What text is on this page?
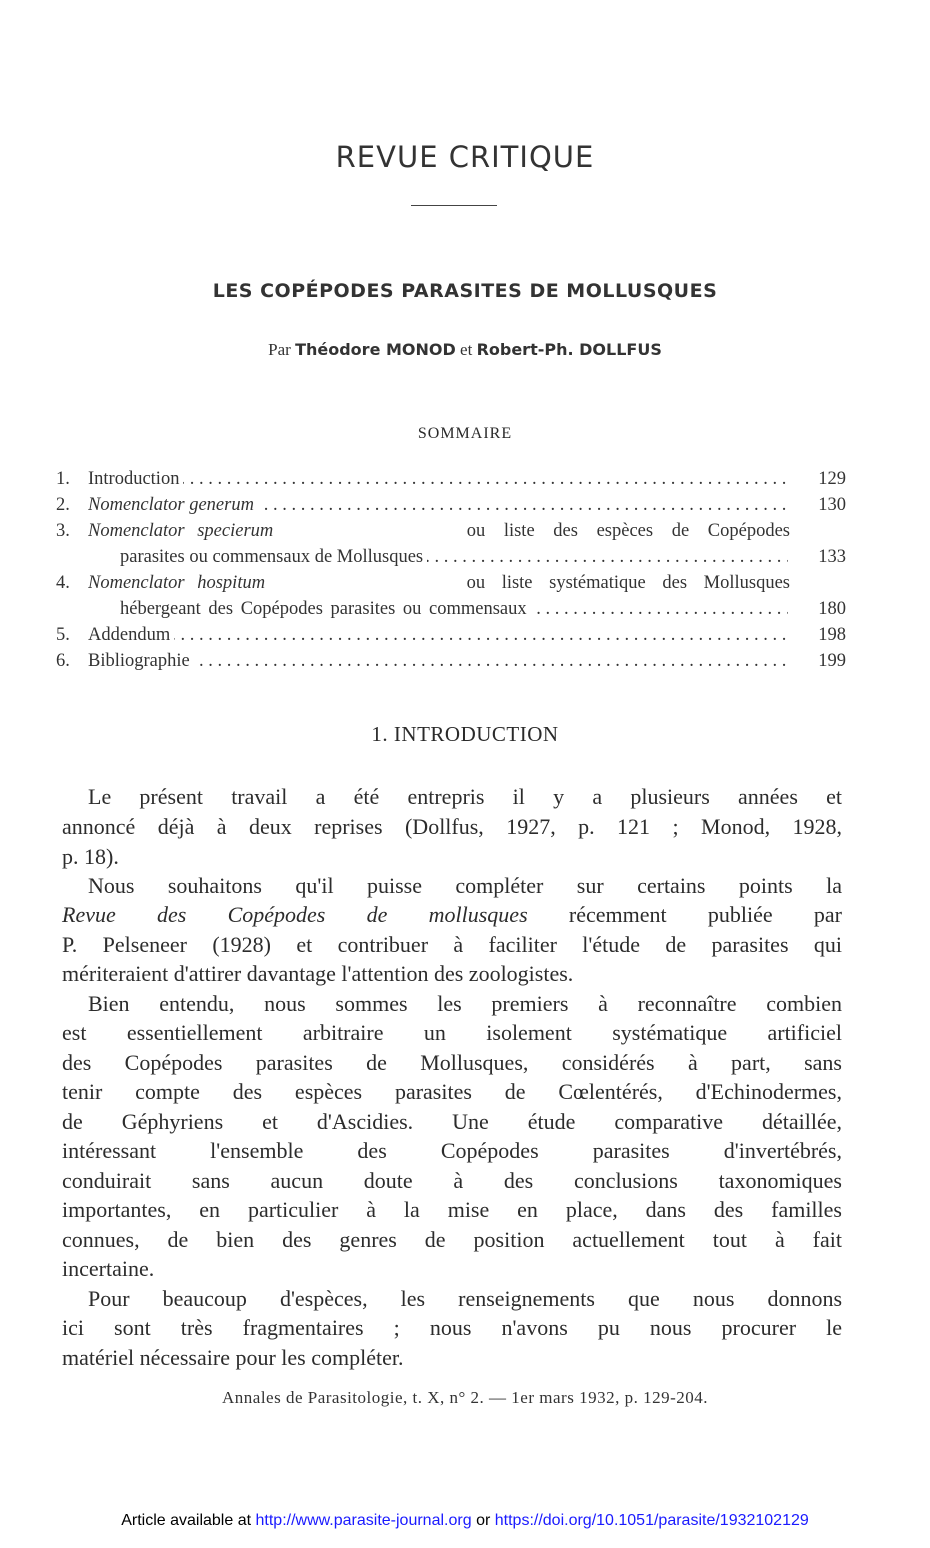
REVUE CRITIQUE
LES COPÉPODES PARASITES DE MOLLUSQUES
Par Théodore MONOD et Robert-Ph. DOLLFUS
SOMMAIRE
1. Introduction . . .	129
2. Nomenclator generum . . .	130
3. Nomenclator specierum	ou liste des espèces de Copépodes
parasites ou commensaux de Mollusques . . .	133
4. Nomenclator hospitum	ou liste systématique des Mollusques
hébergeant des Copépodes parasites ou commensaux . . .	180
5. Addendum . . .	198
6. Bibliographie . . .	199
1. INTRODUCTION
Le présent travail a été entrepris il y a plusieurs années et
annoncé déjà à deux reprises (Dollfus, 1927, p. 121 ; Monod, 1928,
p. 18).
Nous souhaitons qu'il puisse compléter sur certains points la
Revue des Copépodes de mollusques récemment publiée par
P. Pelseneer (1928) et contribuer à faciliter l'étude de parasites qui
mériteraient d'attirer davantage l'attention des zoologistes.
Bien entendu, nous sommes les premiers à reconnaître combien
est essentiellement arbitraire un isolement systématique artificiel
des Copépodes parasites de Mollusques, considérés à part, sans
tenir compte des espèces parasites de Cœlentérés, d'Echinodermes,
de Géphyriens et d'Ascidies. Une étude comparative détaillée,
intéressant l'ensemble des Copépodes parasites d'invertébrés,
conduirait sans aucun doute à des conclusions taxonomiques
importantes, en particulier à la mise en place, dans des familles
connues, de bien des genres de position actuellement tout à fait
incertaine.
Pour beaucoup d'espèces, les renseignements que nous donnons
ici sont très fragmentaires ; nous n'avons pu nous procurer le
matériel nécessaire pour les compléter.
Annales de Parasitologie, t. X, n° 2. — 1er mars 1932, p. 129-204.
Article available at http://www.parasite-journal.org or https://doi.org/10.1051/parasite/1932102129
